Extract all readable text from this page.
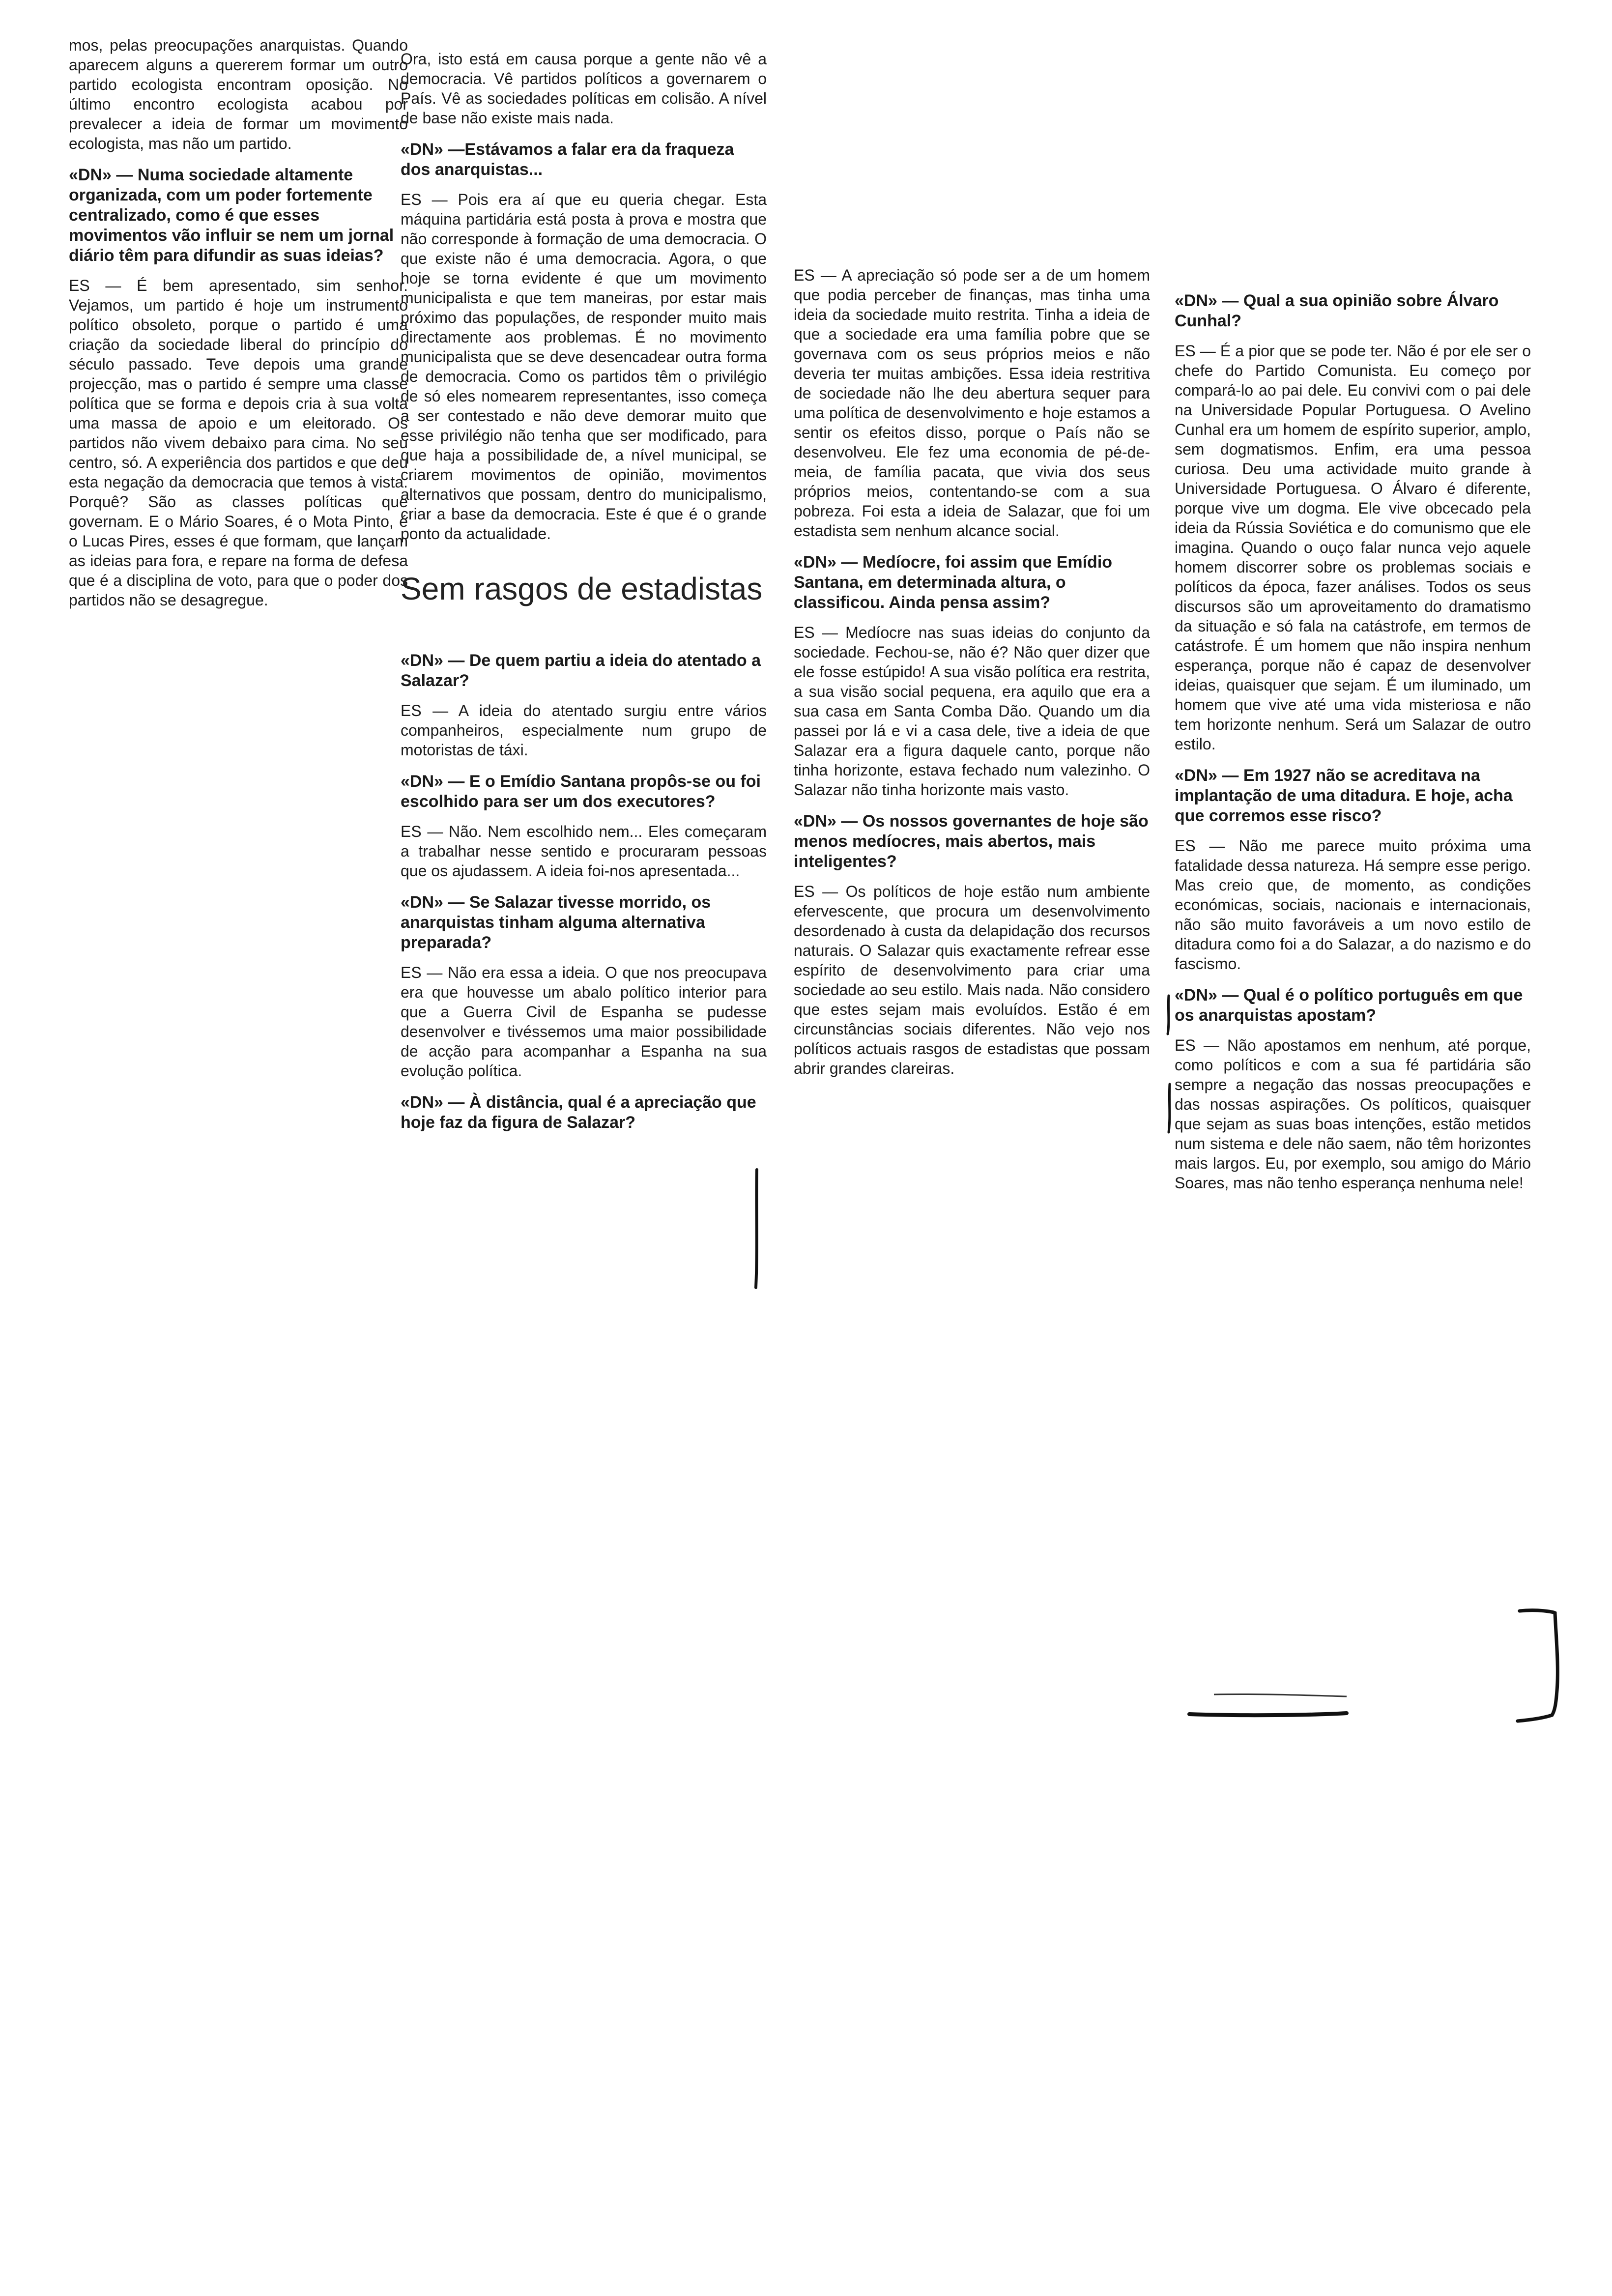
mos, pelas preocupações anarquistas. Quando aparecem alguns a quererem formar um outro partido ecologista encontram oposição. No último encontro ecologista acabou por prevalecer a ideia de formar um movimento ecologista, mas não um partido.

«DN» — Numa sociedade altamente organizada, com um poder fortemente centralizado, como é que esses movimentos vão influir se nem um jornal diário têm para difundir as suas ideias?

ES — É bem apresentado, sim senhor. Vejamos, um partido é hoje um instrumento político obsoleto, porque o partido é uma criação da sociedade liberal do princípio do século passado. Teve depois uma grande projecção, mas o partido é sempre uma classe política que se forma e depois cria à sua volta uma massa de apoio e um eleitorado. Os partidos não vivem debaixo para cima. No seu centro, só. A experiência dos partidos e que deu esta negação da democracia que temos à vista. Porquê? São as classes políticas que governam. E o Mário Soares, é o Mota Pinto, é o Lucas Pires, esses é que formam, que lançam as ideias para fora, e repare na forma de defesa que é a disciplina de voto, para que o poder dos partidos não se desagregue.

Ora, isto está em causa porque a gente não vê a democracia. Vê partidos políticos a governarem o País. Vê as sociedades políticas em colisão. A nível de base não existe mais nada.

«DN» —Estávamos a falar era da fraqueza dos anarquistas...

ES — Pois era aí que eu queria chegar. Esta máquina partidária está posta à prova e mostra que não corresponde à formação de uma democracia. O que existe não é uma democracia. Agora, o que hoje se torna evidente é que um movimento municipalista e que tem maneiras, por estar mais próximo das populações, de responder muito mais directamente aos problemas. É no movimento municipalista que se deve desencadear outra forma de democracia. Como os partidos têm o privilégio de só eles nomearem representantes, isso começa a ser contestado e não deve demorar muito que esse privilégio não tenha que ser modificado, para que haja a possibilidade de, a nível municipal, se criarem movimentos de opinião, movimentos alternativos que possam, dentro do municipalismo, criar a base da democracia. Este é que é o grande ponto da actualidade.

Sem rasgos de estadistas

«DN» — De quem partiu a ideia do atentado a Salazar?

ES — A ideia do atentado surgiu entre vários companheiros, especialmente num grupo de motoristas de táxi.

«DN» — E o Emídio Santana propôs-se ou foi escolhido para ser um dos executores?

ES — Não. Nem escolhido nem... Eles começaram a trabalhar nesse sentido e procuraram pessoas que os ajudassem. A ideia foi-nos apresentada...

«DN» — Se Salazar tivesse morrido, os anarquistas tinham alguma alternativa preparada?

ES — Não era essa a ideia. O que nos preocupava era que houvesse um abalo político interior para que a Guerra Civil de Espanha se pudesse desenvolver e tivéssemos uma maior possibilidade de acção para acompanhar a Espanha na sua evolução política.

«DN» — À distância, qual é a apreciação que hoje faz da figura de Salazar?

ES — A apreciação só pode ser a de um homem que podia perceber de finanças, mas tinha uma ideia da sociedade muito restrita. Tinha a ideia de que a sociedade era uma família pobre que se governava com os seus próprios meios e não deveria ter muitas ambições. Essa ideia restritiva de sociedade não lhe deu abertura sequer para uma política de desenvolvimento e hoje estamos a sentir os efeitos disso, porque o País não se desenvolveu. Ele fez uma economia de pé-de-meia, de família pacata, que vivia dos seus próprios meios, contentando-se com a sua pobreza. Foi esta a ideia de Salazar, que foi um estadista sem nenhum alcance social.

«DN» — Medíocre, foi assim que Emídio Santana, em determinada altura, o classificou. Ainda pensa assim?

ES — Medíocre nas suas ideias do conjunto da sociedade. Fechou-se, não é? Não quer dizer que ele fosse estúpido! A sua visão política era restrita, a sua visão social pequena, era aquilo que era a sua casa em Santa Comba Dão. Quando um dia passei por lá e vi a casa dele, tive a ideia de que Salazar era a figura daquele canto, porque não tinha horizonte, estava fechado num valezinho. O Salazar não tinha horizonte mais vasto.

«DN» — Os nossos governantes de hoje são menos medíocres, mais abertos, mais inteligentes?

ES — Os políticos de hoje estão num ambiente efervescente, que procura um desenvolvimento desordenado à custa da delapidação dos recursos naturais. O Salazar quis exactamente refrear esse espírito de desenvolvimento para criar uma sociedade ao seu estilo. Mais nada. Não considero que estes sejam mais evoluídos. Estão é em circunstâncias sociais diferentes. Não vejo nos políticos actuais rasgos de estadistas que possam abrir grandes clareiras.

«DN» — Qual a sua opinião sobre Álvaro Cunhal?

ES — É a pior que se pode ter. Não é por ele ser o chefe do Partido Comunista. Eu começo por compará-lo ao pai dele. Eu convivi com o pai dele na Universidade Popular Portuguesa. O Avelino Cunhal era um homem de espírito superior, amplo, sem dogmatismos. Enfim, era uma pessoa curiosa. Deu uma actividade muito grande à Universidade Portuguesa. O Álvaro é diferente, porque vive um dogma. Ele vive obcecado pela ideia da Rússia Soviética e do comunismo que ele imagina. Quando o ouço falar nunca vejo aquele homem discorrer sobre os problemas sociais e políticos da época, fazer análises. Todos os seus discursos são um aproveitamento do dramatismo da situação e só fala na catástrofe, em termos de catástrofe. É um homem que não inspira nenhum esperança, porque não é capaz de desenvolver ideias, quaisquer que sejam. É um iluminado, um homem que vive até uma vida misteriosa e não tem horizonte nenhum. Será um Salazar de outro estilo.

«DN» — Em 1927 não se acreditava na implantação de uma ditadura. E hoje, acha que corremos esse risco?

ES — Não me parece muito próxima uma fatalidade dessa natureza. Há sempre esse perigo. Mas creio que, de momento, as condições económicas, sociais, nacionais e internacionais, não são muito favoráveis a um novo estilo de ditadura como foi a do Salazar, a do nazismo e do fascismo.

«DN» — Qual é o político português em que os anarquistas apostam?

ES — Não apostamos em nenhum, até porque, como políticos e com a sua fé partidária são sempre a negação das nossas preocupações e das nossas aspirações. Os políticos, quaisquer que sejam as suas boas intenções, estão metidos num sistema e dele não saem, não têm horizontes mais largos. Eu, por exemplo, sou amigo do Mário Soares, mas não tenho esperança nenhuma nele!
